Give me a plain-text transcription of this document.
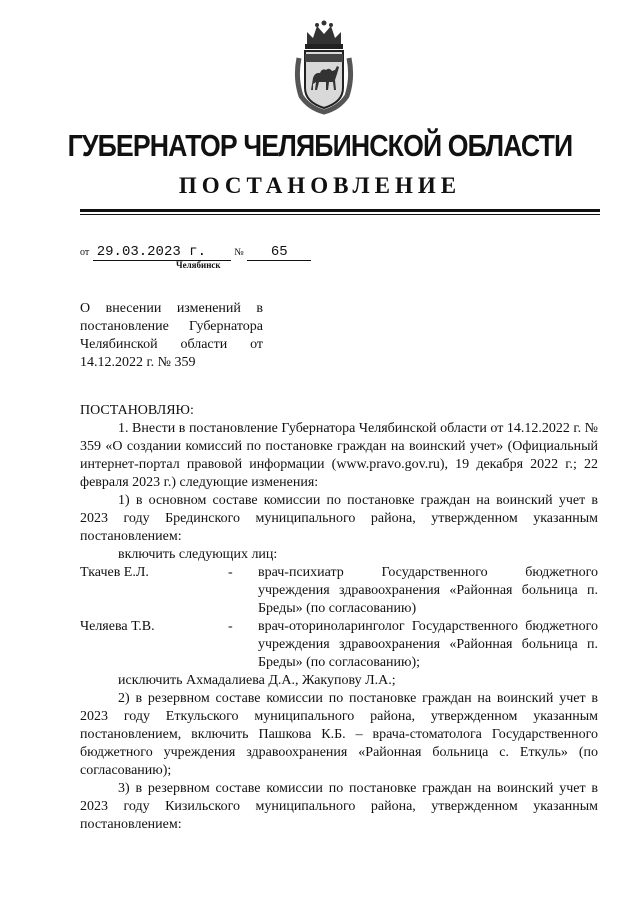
ГУБЕРНАТОР ЧЕЛЯБИНСКОЙ ОБЛАСТИ
ПОСТАНОВЛЕНИЕ
от 29.03.2023 г.	№ 65
Челябинск
О внесении изменений в постановление Губернатора Челябинской области от 14.12.2022 г. № 359

ПОСТАНОВЛЯЮ:

1. Внести в постановление Губернатора Челябинской области от 14.12.2022 г. № 359 «О создании комиссий по постановке граждан на воинский учет» (Официальный интернет-портал правовой информации (www.pravo.gov.ru), 19 декабря 2022 г.; 22 февраля 2023 г.) следующие изменения:

1) в основном составе комиссии по постановке граждан на воинский учет в 2023 году Брединского муниципального района, утвержденном указанным постановлением:

включить следующих лиц:

Ткачев Е.Л.	-	врач-психиатр Государственного бюджетного учреждения здравоохранения «Районная больница п. Бреды» (по согласованию)
Челяева Т.В.	-	врач-оториноларинголог Государственного бюджетного учреждения здравоохранения «Районная больница п. Бреды» (по согласованию);

исключить Ахмадалиева Д.А., Жакупову Л.А.;

2) в резервном составе комиссии по постановке граждан на воинский учет в 2023 году Еткульского муниципального района, утвержденном указанным постановлением, включить Пашкова К.Б. – врача-стоматолога Государственного бюджетного учреждения здравоохранения «Районная больница с. Еткуль» (по согласованию);

3) в резервном составе комиссии по постановке граждан на воинский учет в 2023 году Кизильского муниципального района, утвержденном указанным постановлением:
